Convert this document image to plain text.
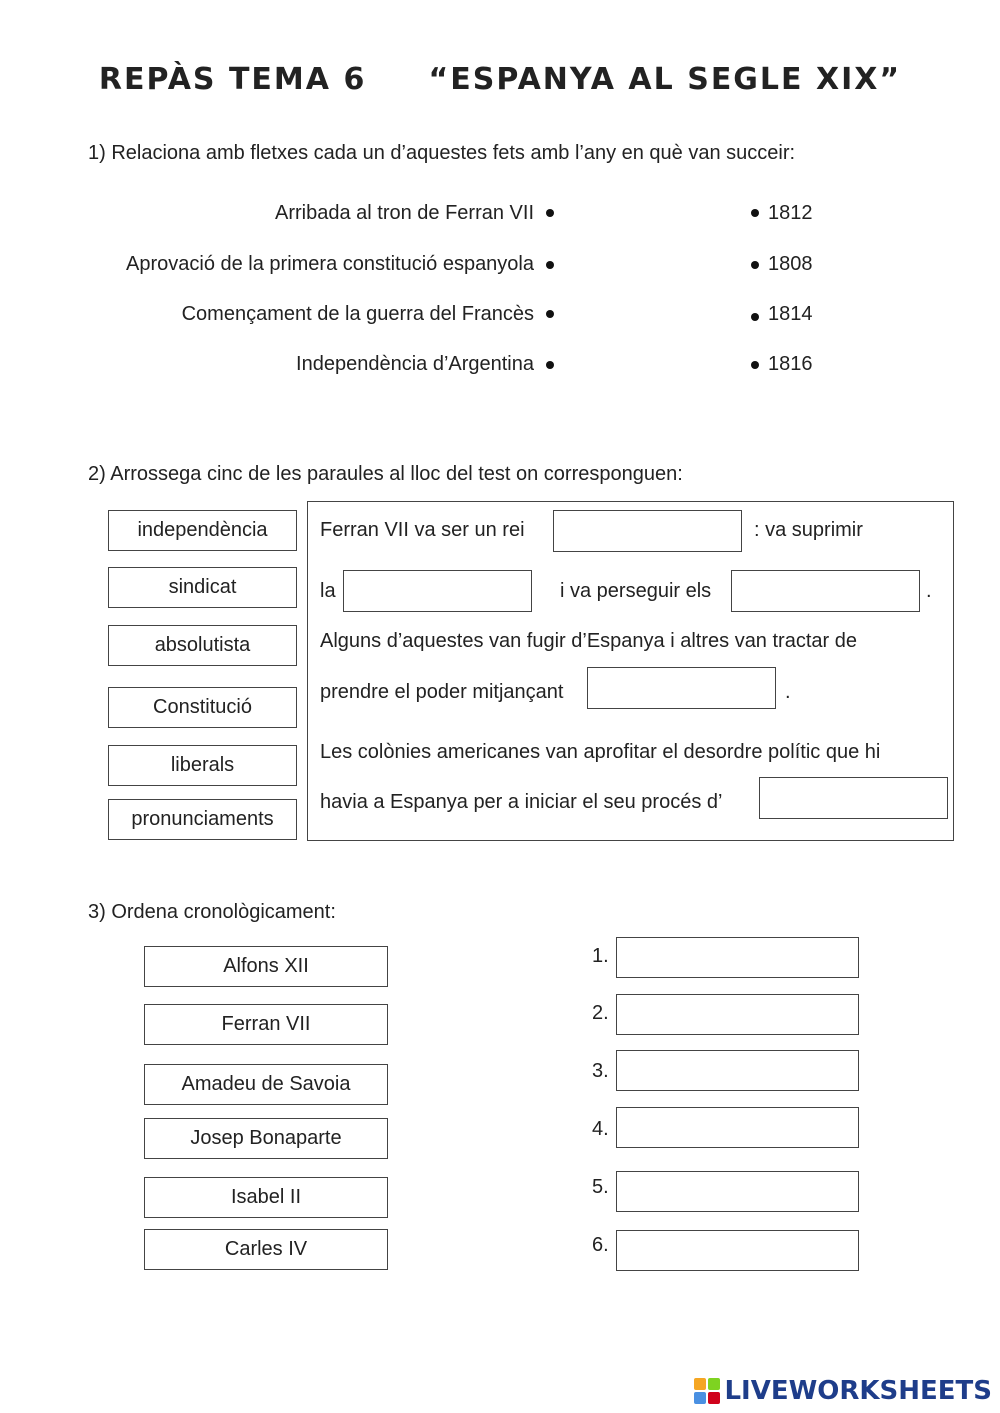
REPÀS TEMA 6     “ESPANYA AL SEGLE XIX”
1) Relaciona amb fletxes cada un d’aquestes fets amb l’any en què van succeir:
Arribada al tron de Ferran VII
Aprovació de la primera constitució espanyola
Començament de la guerra del Francès
Independència d’Argentina
1812
1808
1814
1816
2) Arrossega cinc de les paraules al lloc del test on corresponguen:
independència
sindicat
absolutista
Constitució
liberals
pronunciaments
Ferran VII va ser un rei	: va suprimir
la	i va perseguir els	.
Alguns d’aquestes van fugir d’Espanya i altres van tractar de
prendre el poder mitjançant	.
Les colònies americanes van aprofitar el desordre polític que hi
havia a Espanya per a iniciar el seu procés d’
3) Ordena cronològicament:
Alfons XII
Ferran VII
Amadeu de Savoia
Josep Bonaparte
Isabel II
Carles IV
1.
2.
3.
4.
5.
6.
LIVEWORKSHEETS
